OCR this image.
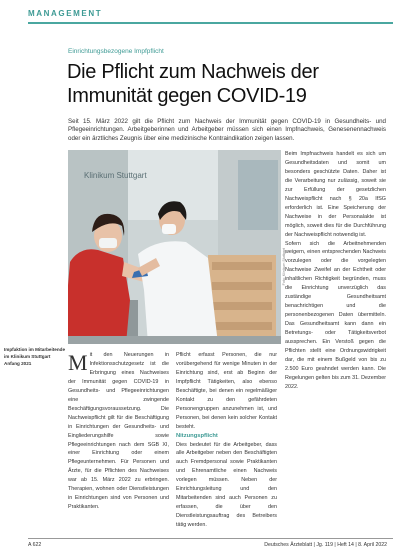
MANAGEMENT
Einrichtungsbezogene Impfpflicht
Die Pflicht zum Nachweis der
Immunität gegen COVID-19

Seit 15. März 2022 gilt die Pflicht zum Nachweis der Immunität gegen COVID-19 in Gesundheits- und Pflegeeinrichtungen. Arbeitgeberinnen und Arbeitgeber müssen sich einen Impfnachweis, Genesenennachweis oder ein ärztliches Zeugnis über eine medizinische Kontraindikation zeigen lassen.

Klinikum Stuttgart
Foto: Klinikum Stuttgart
Impfaktion im Mitarbeitende im Klinikum Stuttgart Anfang 2021	M it den Neuerungen in Infektionsschutzgesetz ist die Erbringung eines Nachweises der Immunität gegen COVID-19 in Gesundheits- und Pflegeeinrichtungen eine zwingende Beschäftigungsvoraussetzung. Die Nachweispflicht gilt für die Beschäftigung in Einrichtungen der Gesundheits- und Eingliederungshilfe sowie Pflegeeinrichtungen nach dem SGB XI, einer Einrichtung oder einem Pflegeunternehmen. Für Personen und Ärzte, für die Pflichten des Nachweises war ab 15. März 2022 zu erbringen. Therapien, wohnen oder Dienstleistungen in Einrichtungen sind von Personen und Praktikanten.

Pflicht erfasst Personen, die nur vorübergehend für wenige Minuten in der Einrichtung sind, erst ab Beginn der Impfpflicht Tätigkeiten, also ebenso Beschäftigte, bei denen ein regelmäßiger Kontakt zu den gefährdeten Personengruppen anzunehmen ist, und Personen, bei denen kein solcher Kontakt besteht.

Nitzungspflicht

Dies bedeutet für die Arbeitgeber, dass alle Arbeitgeber neben den Beschäftigten auch Fremdpersonal sowie Praktikanten und Ehrenamtliche einen Nachweis vorlegen müssen. Neben der Einrichtungsleitung und den Mitarbeitenden sind auch Personen zu erfassen, die über den Dienstleistungsauftrag des Betreibers tätig werden.

Beim Impfnachweis handelt es sich um Gesundheitsdaten und somit um besonders geschützte Daten. Daher ist die Verarbeitung nur zulässig, soweit sie zur Erfüllung der gesetzlichen Nachweispflicht nach § 20a IfSG erforderlich ist. Eine Speicherung der Nachweise in der Personalakte ist möglich, soweit dies für die Durchführung der Nachweispflicht notwendig ist.

Sofern sich die Arbeitnehmenden weigern, einen entsprechenden Nachweis vorzulegen oder die vorgelegten Nachweise Zweifel an der Echtheit oder inhaltlichen Richtigkeit begründen, muss die Einrichtung unverzüglich das zuständige Gesundheitsamt benachrichtigen und die personenbezogenen Daten übermitteln. Das Gesundheitsamt kann dann ein Betretungs- oder Tätigkeitsverbot aussprechen. Ein Verstoß gegen die Pflichten stellt eine Ordnungswidrigkeit dar, die mit einem Bußgeld von bis zu 2.500 Euro geahndet werden kann. Die Regelungen gelten bis zum 31. Dezember 2022.

A 622	Deutsches Ärzteblatt | Jg. 119 | Heft 14 | 8. April 2022
